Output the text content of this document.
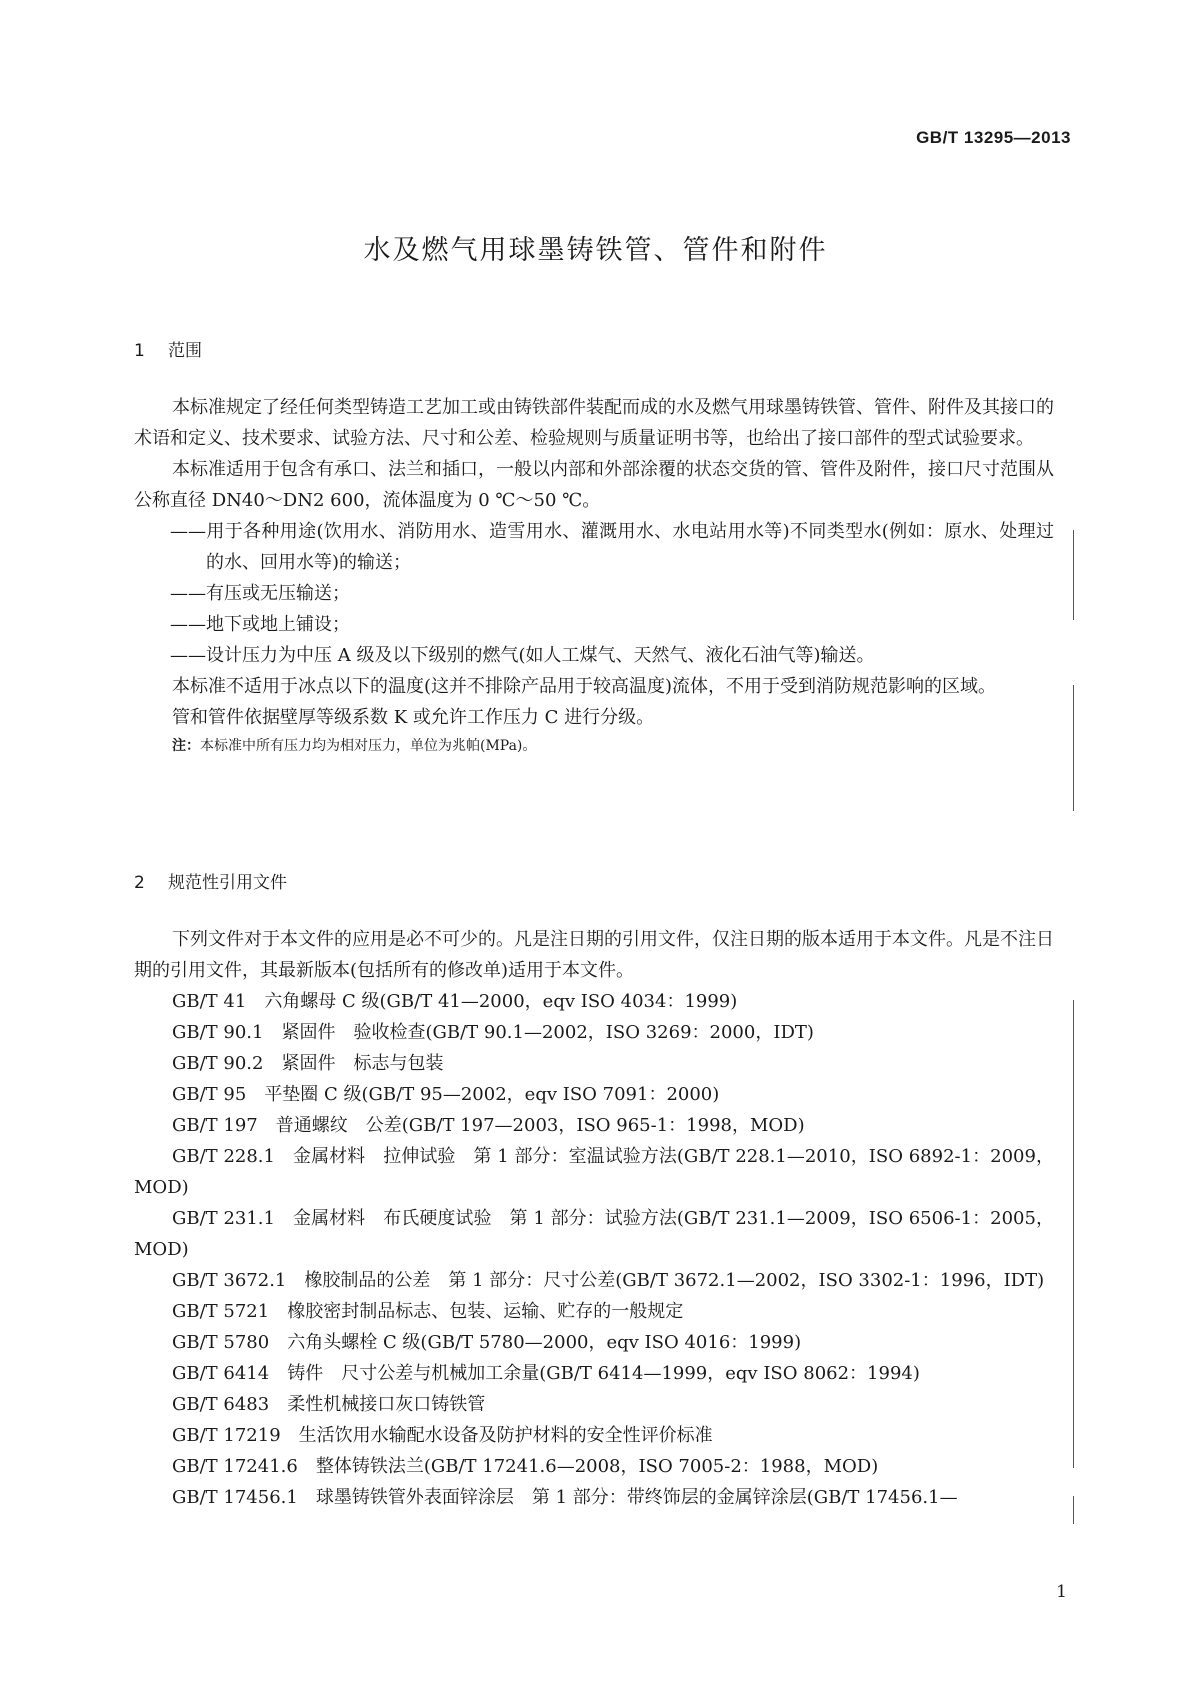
GB/T 13295—2013
水及燃气用球墨铸铁管、管件和附件
1 范围

本标准规定了经任何类型铸造工艺加工或由铸铁部件装配而成的水及燃气用球墨铸铁管、管件、附件及其接口的术语和定义、技术要求、试验方法、尺寸和公差、检验规则与质量证明书等，也给出了接口部件的型式试验要求。

本标准适用于包含有承口、法兰和插口，一般以内部和外部涂覆的状态交货的管、管件及附件，接口尺寸范围从公称直径 DN40～DN2 600，流体温度为 0 ℃～50 ℃。

——用于各种用途(饮用水、消防用水、造雪用水、灌溉用水、水电站用水等)不同类型水(例如：原水、处理过的水、回用水等)的输送；

——有压或无压输送；

——地下或地上铺设；

——设计压力为中压 A 级及以下级别的燃气(如人工煤气、天然气、液化石油气等)输送。

本标准不适用于冰点以下的温度(这并不排除产品用于较高温度)流体，不用于受到消防规范影响的区域。

管和管件依据壁厚等级系数 K 或允许工作压力 C 进行分级。

注：本标准中所有压力均为相对压力，单位为兆帕(MPa)。

2 规范性引用文件

下列文件对于本文件的应用是必不可少的。凡是注日期的引用文件，仅注日期的版本适用于本文件。凡是不注日期的引用文件，其最新版本(包括所有的修改单)适用于本文件。

GB/T 41 六角螺母 C 级(GB/T 41—2000，eqv ISO 4034：1999)

GB/T 90.1 紧固件　验收检查(GB/T 90.1—2002，ISO 3269：2000，IDT)

GB/T 90.2 紧固件　标志与包装

GB/T 95 平垫圈 C 级(GB/T 95—2002，eqv ISO 7091：2000)

GB/T 197 普通螺纹　公差(GB/T 197—2003，ISO 965-1：1998，MOD)

GB/T 228.1 金属材料　拉伸试验　第 1 部分：室温试验方法(GB/T 228.1—2010，ISO 6892-1：2009，MOD)

GB/T 231.1 金属材料　布氏硬度试验　第 1 部分：试验方法(GB/T 231.1—2009，ISO 6506-1：2005，MOD)

GB/T 3672.1 橡胶制品的公差　第 1 部分：尺寸公差(GB/T 3672.1—2002，ISO 3302-1：1996，IDT)

GB/T 5721 橡胶密封制品标志、包装、运输、贮存的一般规定

GB/T 5780 六角头螺栓 C 级(GB/T 5780—2000，eqv ISO 4016：1999)

GB/T 6414 铸件　尺寸公差与机械加工余量(GB/T 6414—1999，eqv ISO 8062：1994)

GB/T 6483 柔性机械接口灰口铸铁管

GB/T 17219 生活饮用水输配水设备及防护材料的安全性评价标准

GB/T 17241.6 整体铸铁法兰(GB/T 17241.6—2008，ISO 7005-2：1988，MOD)

GB/T 17456.1 球墨铸铁管外表面锌涂层　第 1 部分：带终饰层的金属锌涂层(GB/T 17456.1—

1
